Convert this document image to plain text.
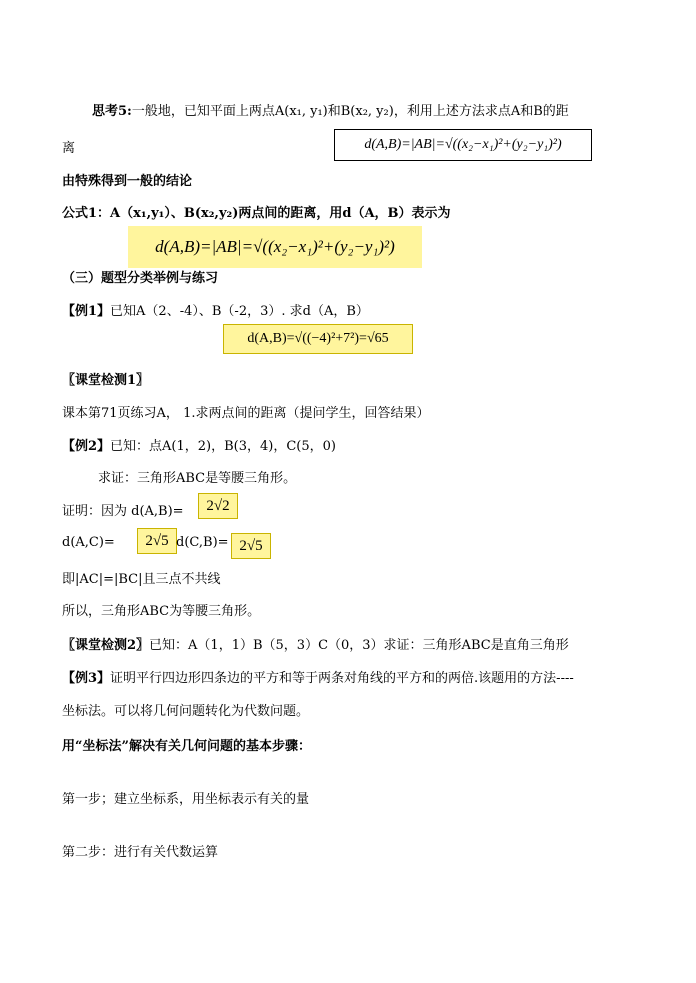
思考5:一般地，已知平面上两点A(x₁, y₁)和B(x₂, y₂)，利用上述方法求点A和B的距
离	d(A,B)=|AB|=√((x₂−x₁)²+(y₂−y₁)²)
由特殊得到一般的结论
公式1：A（x₁,y₁）、B(x₂,y₂)两点间的距离，用d（A，B）表示为
d(A,B)=|AB|=√((x₂−x₁)²+(y₂−y₁)²)
（三）题型分类举例与练习
【例1】已知A（2、-4）、B（-2，3）. 求d（A，B）
d(A,B)=√((−4)²+7²)=√65
〖课堂检测1〗
课本第71页练习A， 1.求两点间的距离（提问学生，回答结果）
【例2】已知：点A(1，2)，B(3，4)，C(5，0)
求证：三角形ABC是等腰三角形。
证明：因为 d(A,B)= 2√2
d(A,C)= 2√5 d(C,B)= 2√5
即|AC|=|BC|且三点不共线
所以，三角形ABC为等腰三角形。
〖课堂检测2〗已知：A（1，1）B（5，3）C（0，3）求证：三角形ABC是直角三角形
【例3】证明平行四边形四条边的平方和等于两条对角线的平方和的两倍.该题用的方法----
坐标法。可以将几何问题转化为代数问题。
用“坐标法”解决有关几何问题的基本步骤：
第一步；建立坐标系，用坐标表示有关的量
第二步：进行有关代数运算
